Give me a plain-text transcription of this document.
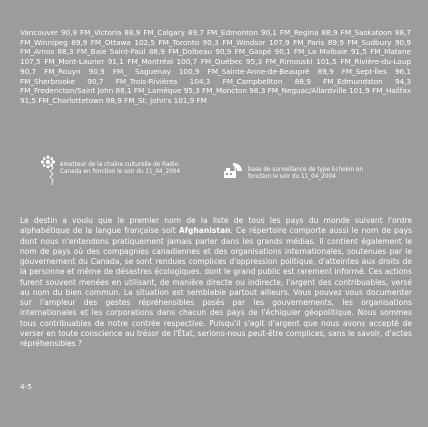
Vancouver 90,9 FM_Victoria 88,9 FM_Calgary 89,7 FM_Edmonton 90,1 FM_Regina 88,9 FM_Saskatoon 88,7 FM_Winnipeg 89,9 FM_Ottawa 102,5 FM_Toronto 90,3 FM_Windsor 107,9 FM_Paris 89,9 FM_Sudbury 90,9 FM_Amos 88,3 FM_Baie Saint-Paul 88,9 FM_Dolbeau 90,9 FM_Gaspé 90,1 FM_La Malbaie 91,5 FM_Matane 107,5 FM_Mont-Laurier 91,1 FM_Montréal 100,7 FM_Québec 95,3 FM_Rimouski 101,5 FM_Rivière-du-Loup 90,7 FM_Rouyn 90,9 FM_ Saguenay 100,9 FM_Sainte-Anne-de-Beaupré 89,9 FM_Sept-Îles 96,1 FM_Sherbrooke 90,7 FM_Trois-Rivières 104,3 FM_Campbellton 88,9 FM_Edmundston 94,3 FM_Fredericton/Saint John 88,1 FM_Lamèque 95,3 FM_Moncton 98,3 FM_Neguac/Allardville 101,9 FM_Halifax 91,5 FM_Charlottetown 88,9 FM_St. John's 101,9 FM

émetteur de la chaîne culturelle de Radio-Canada en fonction le soir du 11_04_2004	base de surveillance de type Echelon en fonction le soir du 11_04_2004

Le destin a voulu que le premier nom de la liste de tous les pays du monde suivant l'ordre alphabétique de la langue française soit Afghanistan. Ce répertoire comporte aussi le nom de pays dont nous n'entendons pratiquement jamais parler dans les grands médias. Il contient également le nom de pays où des compagnies canadiennes et des organisations internationales, soutenues par le gouvernement du Canada, se sont rendues complices d'oppression politique, d'atteintes aux droits de la personne et même de désastres écologiques. dont le grand public est rarement informé. Ces actions furent souvent menées en utilisant, de manière directe ou indirecte, l'argent des contribuables, versé au nom du bien commun. La situation est semblable partout ailleurs. Vous pouvez vous documenter sur l'ampleur des gestes répréhensibles posés par les gouvernements, les organisations internationales et les corporations dans chacun des pays de l'échiquier géopolitique. Nous sommes tous contribuables de notre contrée respective. Puisqu'il s'agit d'argent que nous avons accepté de verser en toute conscience au trésor de l'État, serions-nous peut-être complices, sans le savoir, d'actes répréhensibles ?

4-5
